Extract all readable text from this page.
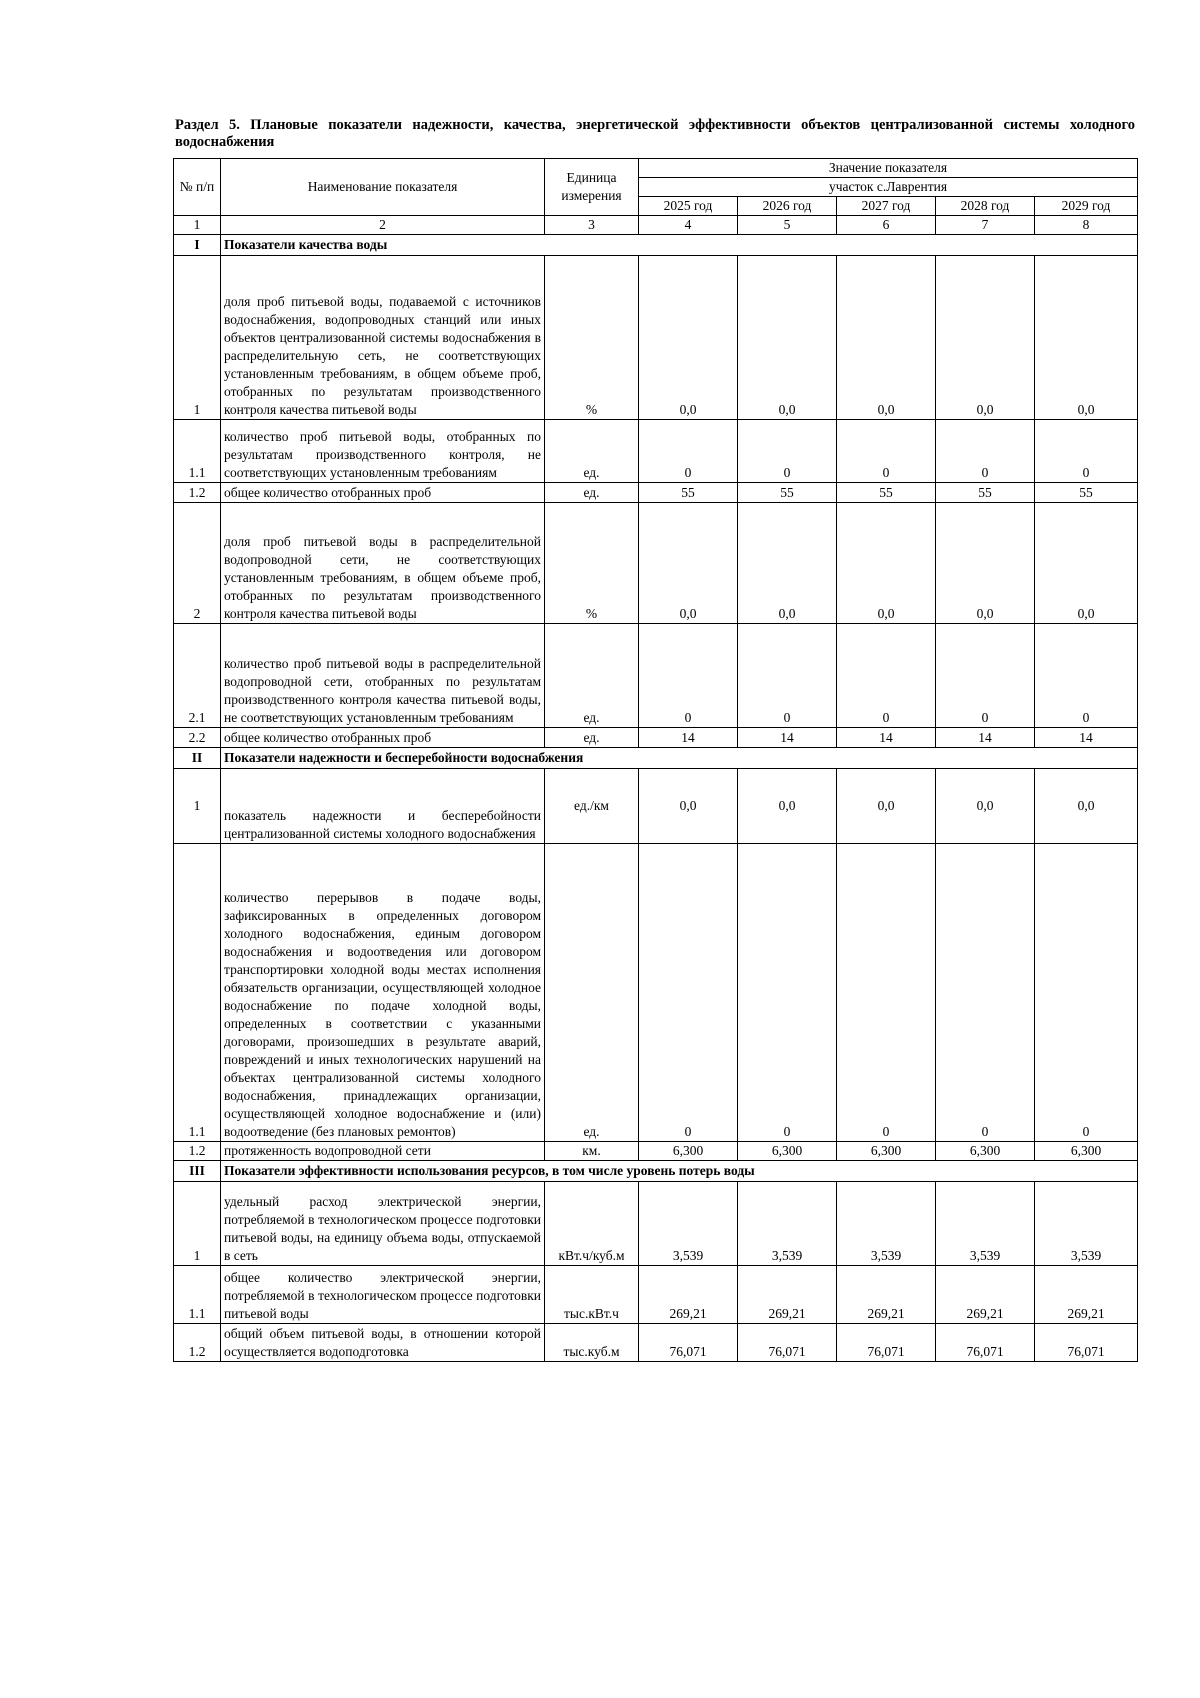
Раздел 5. Плановые показатели надежности, качества, энергетической эффективности объектов централизованной системы холодного водоснабжения
№ п/п	Наименование показателя	Единица измерения	Значение показателя				
			участок с.Лаврентия				
			2025 год	2026 год	2027 год	2028 год	2029 год
1	2	3	4	5	6	7	8
I	Показатели качества воды						
1	доля проб питьевой воды, подаваемой с источников водоснабжения, водопроводных станций или иных объектов централизованной системы водоснабжения в распределительную сеть, не соответствующих установленным требованиям, в общем объеме проб, отобранных по результатам производственного контроля качества питьевой воды	%	0,0	0,0	0,0	0,0	0,0
1.1	количество проб питьевой воды, отобранных по результатам производственного контроля, не соответствующих установленным требованиям	ед.	0	0	0	0	0
1.2	общее количество отобранных проб	ед.	55	55	55	55	55
2	доля проб питьевой воды в распределительной водопроводной сети, не соответствующих установленным требованиям, в общем объеме проб, отобранных по результатам производственного контроля качества питьевой воды	%	0,0	0,0	0,0	0,0	0,0
2.1	количество проб питьевой воды в распределительной водопроводной сети, отобранных по результатам производственного контроля качества питьевой воды, не соответствующих установленным требованиям	ед.	0	0	0	0	0
2.2	общее количество отобранных проб	ед.	14	14	14	14	14
II	Показатели надежности и бесперебойности водоснабжения						
1	показатель надежности и бесперебойности централизованной системы холодного водоснабжения	ед./км	0,0	0,0	0,0	0,0	0,0
1.1	количество перерывов в подаче воды, зафиксированных в определенных договором холодного водоснабжения, единым договором водоснабжения и водоотведения или договором транспортировки холодной воды местах исполнения обязательств организации, осуществляющей холодное водоснабжение по подаче холодной воды, определенных в соответствии с указанными договорами, произошедших в результате аварий, повреждений и иных технологических нарушений на объектах централизованной системы холодного водоснабжения, принадлежащих организации, осуществляющей холодное водоснабжение и (или) водоотведение (без плановых ремонтов)	ед.	0	0	0	0	0
1.2	протяженность водопроводной сети	км.	6,300	6,300	6,300	6,300	6,300
III	Показатели эффективности использования ресурсов, в том числе уровень потерь воды						
1	удельный расход электрической энергии, потребляемой в технологическом процессе подготовки питьевой воды, на единицу объема воды, отпускаемой в сеть	кВт.ч/куб.м	3,539	3,539	3,539	3,539	3,539
1.1	общее количество электрической энергии, потребляемой в технологическом процессе подготовки питьевой воды	тыс.кВт.ч	269,21	269,21	269,21	269,21	269,21
1.2	общий объем питьевой воды, в отношении которой осуществляется водоподготовка	тыс.куб.м	76,071	76,071	76,071	76,071	76,071
